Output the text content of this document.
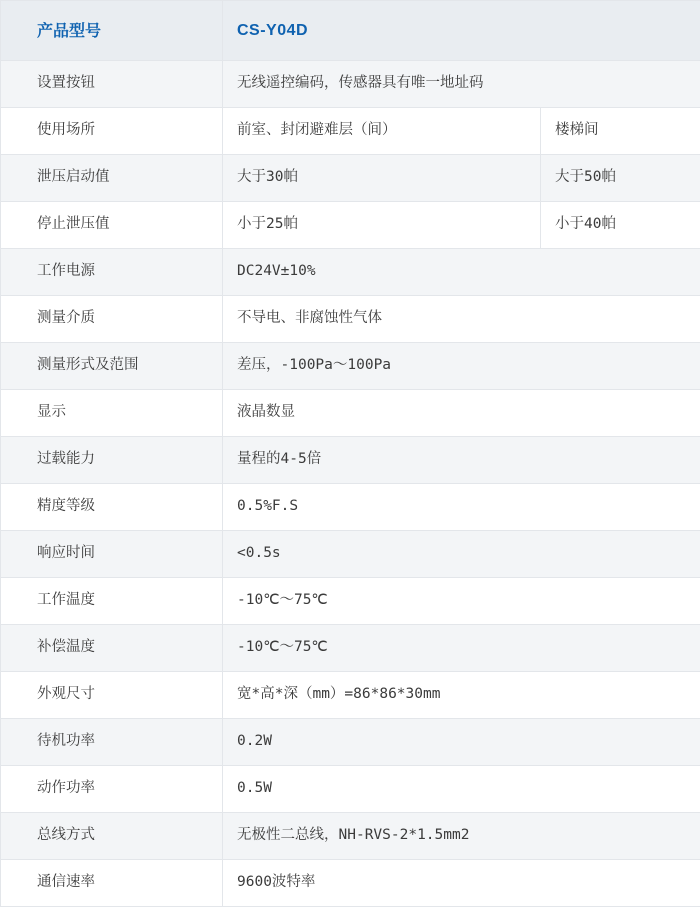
产品型号	CS-Y04D	
设置按钮	无线遥控编码，传感器具有唯一地址码	
使用场所	前室、封闭避难层（间）	楼梯间
泄压启动值	大于30帕	大于50帕
停止泄压值	小于25帕	小于40帕
工作电源	DC24V±10%	
测量介质	不导电、非腐蚀性气体	
测量形式及范围	差压，-100Pa～100Pa	
显示	液晶数显	
过载能力	量程的4-5倍	
精度等级	0.5%F.S	
响应时间	<0.5s	
工作温度	-10℃～75℃	
补偿温度	-10℃～75℃	
外观尺寸	宽*高*深（mm）=86*86*30mm	
待机功率	0.2W	
动作功率	0.5W	
总线方式	无极性二总线，NH-RVS-2*1.5mm2	
通信速率	9600波特率	
